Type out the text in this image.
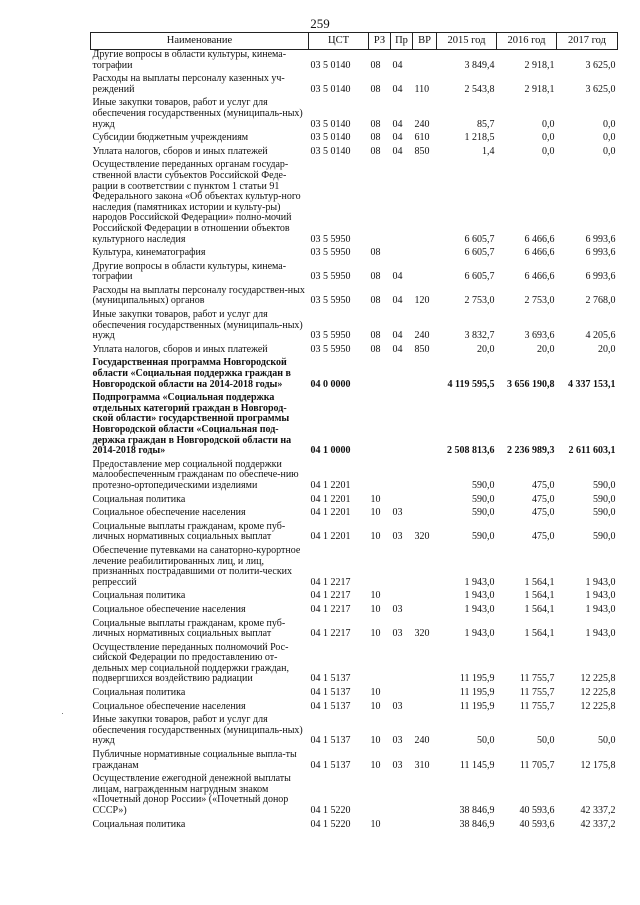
259
Наименование	ЦСТ	РЗ	Пр	ВР	2015 год	2016 год	2017 год
Другие вопросы в области культуры, кинема-тографии	03 5 0140	08	04		3 849,4	2 918,1	3 625,0
Расходы на выплаты персоналу казенных уч-реждений	03 5 0140	08	04	110	2 543,8	2 918,1	3 625,0
Иные закупки товаров, работ и услуг для обеспечения государственных (муниципаль-ных) нужд	03 5 0140	08	04	240	85,7	0,0	0,0
Субсидии бюджетным учреждениям	03 5 0140	08	04	610	1 218,5	0,0	0,0
Уплата налогов, сборов и иных платежей	03 5 0140	08	04	850	1,4	0,0	0,0
Осуществление переданных органам государ-ственной власти субъектов Российской Феде-рации в соответствии с пунктом 1 статьи 91 Федерального закона «Об объектах культур-ного наследия (памятниках истории и культу-ры) народов Российской Федерации» полно-мочий Российской Федерации в отношении объектов культурного наследия	03 5 5950				6 605,7	6 466,6	6 993,6
Культура, кинематография	03 5 5950	08			6 605,7	6 466,6	6 993,6
Другие вопросы в области культуры, кинема-тографии	03 5 5950	08	04		6 605,7	6 466,6	6 993,6
Расходы на выплаты персоналу государствен-ных (муниципальных) органов	03 5 5950	08	04	120	2 753,0	2 753,0	2 768,0
Иные закупки товаров, работ и услуг для обеспечения государственных (муниципаль-ных) нужд	03 5 5950	08	04	240	3 832,7	3 693,6	4 205,6
Уплата налогов, сборов и иных платежей	03 5 5950	08	04	850	20,0	20,0	20,0
Государственная программа Новгородской области «Социальная поддержка граждан в Новгородской области на 2014-2018 годы»	04 0 0000				4 119 595,5	3 656 190,8	4 337 153,1
Подпрограмма «Социальная поддержка отдельных категорий граждан в Новгород-ской области» государственной программы Новгородской области «Социальная под-держка граждан в Новгородской области на 2014-2018 годы»	04 1 0000				2 508 813,6	2 236 989,3	2 611 603,1
Предоставление мер социальной поддержки малообеспеченным гражданам по обеспече-нию протезно-ортопедическими изделиями	04 1 2201				590,0	475,0	590,0
Социальная политика	04 1 2201	10			590,0	475,0	590,0
Социальное обеспечение населения	04 1 2201	10	03		590,0	475,0	590,0
Социальные выплаты гражданам, кроме пуб-личных нормативных социальных выплат	04 1 2201	10	03	320	590,0	475,0	590,0
Обеспечение путевками на санаторно-курортное лечение реабилитированных лиц, и лиц, признанных пострадавшими от полити-ческих репрессий	04 1 2217				1 943,0	1 564,1	1 943,0
Социальная политика	04 1 2217	10			1 943,0	1 564,1	1 943,0
Социальное обеспечение населения	04 1 2217	10	03		1 943,0	1 564,1	1 943,0
Социальные выплаты гражданам, кроме пуб-личных нормативных социальных выплат	04 1 2217	10	03	320	1 943,0	1 564,1	1 943,0
Осуществление переданных полномочий Рос-сийской Федерации по предоставлению от-дельных мер социальной поддержки граждан, подвергшихся воздействию радиации	04 1 5137				11 195,9	11 755,7	12 225,8
Социальная политика	04 1 5137	10			11 195,9	11 755,7	12 225,8
Социальное обеспечение населения	04 1 5137	10	03		11 195,9	11 755,7	12 225,8
Иные закупки товаров, работ и услуг для обеспечения государственных (муниципаль-ных) нужд	04 1 5137	10	03	240	50,0	50,0	50,0
Публичные нормативные социальные выпла-ты гражданам	04 1 5137	10	03	310	11 145,9	11 705,7	12 175,8
Осуществление ежегодной денежной выплаты лицам, награжденным нагрудным знаком «Почетный донор России» («Почетный донор СССР»)	04 1 5220				38 846,9	40 593,6	42 337,2
Социальная политика	04 1 5220	10			38 846,9	40 593,6	42 337,2
